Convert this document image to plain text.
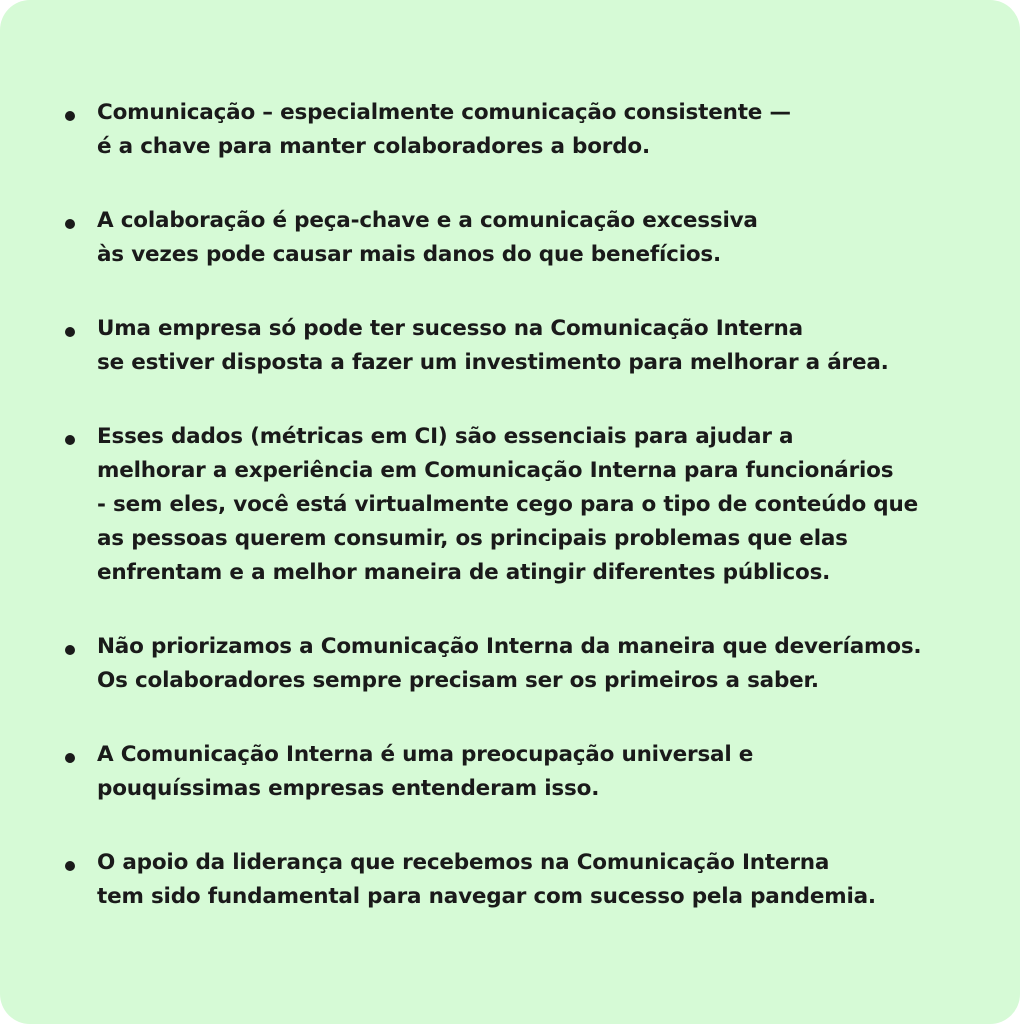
Comunicação – especialmente comunicação consistente —
é a chave para manter colaboradores a bordo.
A colaboração é peça-chave e a comunicação excessiva
às vezes pode causar mais danos do que benefícios.
Uma empresa só pode ter sucesso na Comunicação Interna
se estiver disposta a fazer um investimento para melhorar a área.
Esses dados (métricas em CI) são essenciais para ajudar a
melhorar a experiência em Comunicação Interna para funcionários
- sem eles, você está virtualmente cego para o tipo de conteúdo que
as pessoas querem consumir, os principais problemas que elas
enfrentam e a melhor maneira de atingir diferentes públicos.
Não priorizamos a Comunicação Interna da maneira que deveríamos.
Os colaboradores sempre precisam ser os primeiros a saber.
A Comunicação Interna é uma preocupação universal e
pouquíssimas empresas entenderam isso.
O apoio da liderança que recebemos na Comunicação Interna
tem sido fundamental para navegar com sucesso pela pandemia.
